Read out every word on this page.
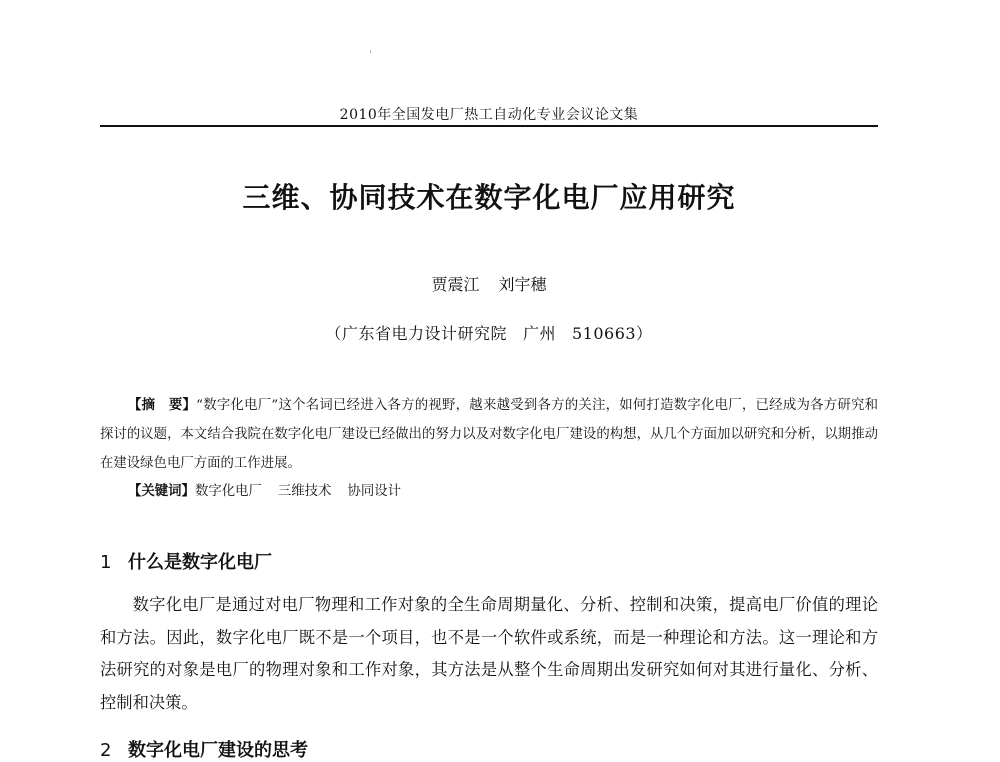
2010年全国发电厂热工自动化专业会议论文集
三维、协同技术在数字化电厂应用研究
贾震江 刘宇穗
（广东省电力设计研究院 广州 510663）

【摘　要】“数字化电厂”这个名词已经进入各方的视野，越来越受到各方的关注，如何打造数字化电厂，已经成为各方研究和探讨的议题，本文结合我院在数字化电厂建设已经做出的努力以及对数字化电厂建设的构想，从几个方面加以研究和分析，以期推动在建设绿色电厂方面的工作进展。

【关键词】数字化电厂 三维技术 协同设计

1 什么是数字化电厂

数字化电厂是通过对电厂物理和工作对象的全生命周期量化、分析、控制和决策，提高电厂价值的理论和方法。因此，数字化电厂既不是一个项目，也不是一个软件或系统，而是一种理论和方法。这一理论和方法研究的对象是电厂的物理对象和工作对象，其方法是从整个生命周期出发研究如何对其进行量化、分析、控制和决策。

2 数字化电厂建设的思考
